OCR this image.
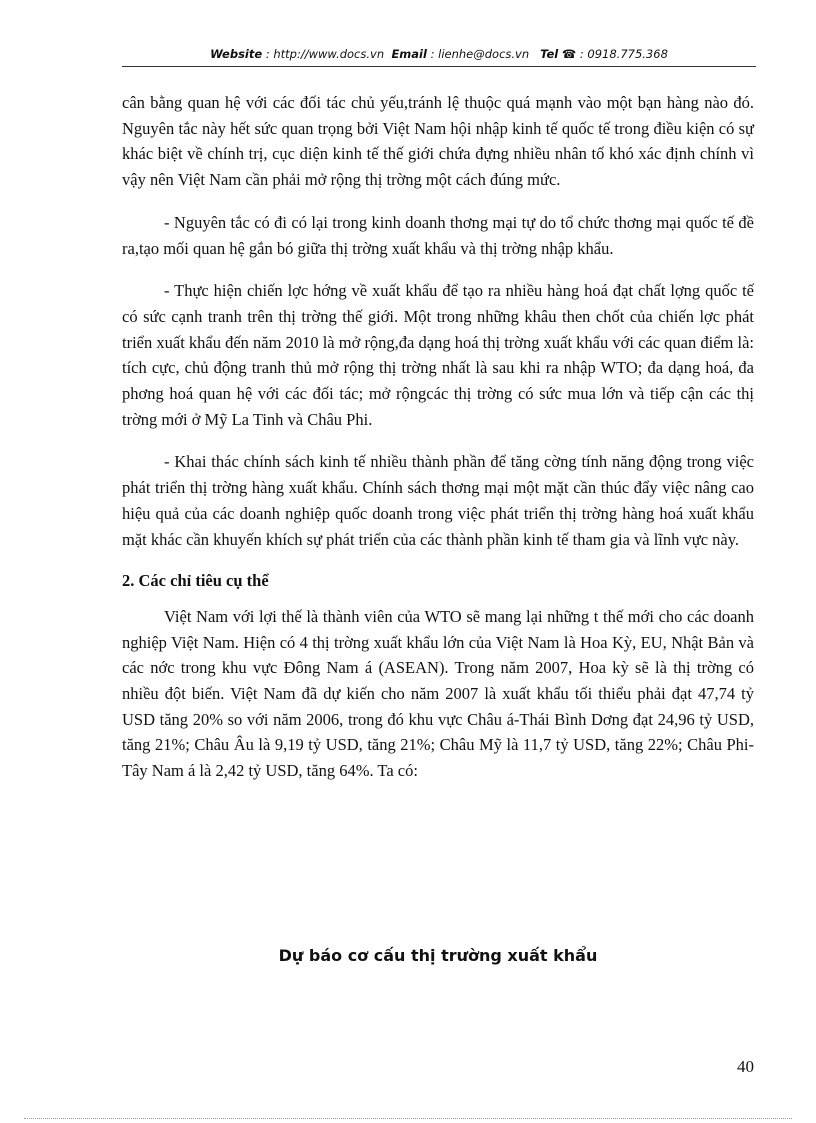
Website : http://www.docs.vn Email : lienhe@docs.vn Tel ☎ : 0918.775.368

cân bằng quan hệ với các đối tác chủ yếu,tránh lệ thuộc quá mạnh vào một bạn hàng nào đó. Nguyên tắc này hết sức quan trọng bởi Việt Nam hội nhập kinh tế quốc tế trong điều kiện có sự khác biệt về chính trị, cục diện kinh tế thế giới chứa đựng nhiều nhân tố khó xác định chính vì vậy nên Việt Nam cần phải mở rộng thị trờng một cách đúng mức.

- Nguyên tắc có đi có lại trong kinh doanh thơng mại tự do tổ chức thơng mại quốc tế đề ra,tạo mối quan hệ gắn bó giữa thị trờng xuất khẩu và thị trờng nhập khẩu.

- Thực hiện chiến lợc hớng về xuất khẩu để tạo ra nhiều hàng hoá đạt chất lợng quốc tế có sức cạnh tranh trên thị trờng thế giới. Một trong những khâu then chốt của chiến lợc phát triển xuất khẩu đến năm 2010 là mở rộng,đa dạng hoá thị trờng xuất khẩu với các quan điểm là: tích cực, chủ động tranh thủ mở rộng thị trờng nhất là sau khi ra nhập WTO; đa dạng hoá, đa phơng hoá quan hệ với các đối tác; mở rộngcác thị trờng có sức mua lớn và tiếp cận các thị trờng mới ở Mỹ La Tinh và Châu Phi.

- Khai thác chính sách kinh tế nhiều thành phần để tăng cờng tính năng động trong việc phát triển thị trờng hàng xuất khẩu. Chính sách thơng mại một mặt cần thúc đẩy việc nâng cao hiệu quả của các doanh nghiệp quốc doanh trong việc phát triển thị trờng hàng hoá xuất khẩu mặt khác cần khuyến khích sự phát triển của các thành phần kinh tế tham gia và lĩnh vực này.

2. Các chỉ tiêu cụ thể

Việt Nam với lợi thế là thành viên của WTO sẽ mang lại những t thế mới cho các doanh nghiệp Việt Nam. Hiện có 4 thị trờng xuất khẩu lớn của Việt Nam là Hoa Kỳ, EU, Nhật Bản và các nớc trong khu vực Đông Nam á (ASEAN). Trong năm 2007, Hoa kỳ sẽ là thị trờng có nhiều đột biến. Việt Nam đã dự kiến cho năm 2007 là xuất khẩu tối thiểu phải đạt 47,74 tỷ USD tăng 20% so với năm 2006, trong đó khu vực Châu á-Thái Bình Dơng đạt 24,96 tỷ USD, tăng 21%; Châu Âu là 9,19 tỷ USD, tăng 21%; Châu Mỹ là 11,7 tỷ USD, tăng 22%; Châu Phi-Tây Nam á là 2,42 tỷ USD, tăng 64%. Ta có:

Dự báo cơ cấu thị trường xuất khẩu
40
